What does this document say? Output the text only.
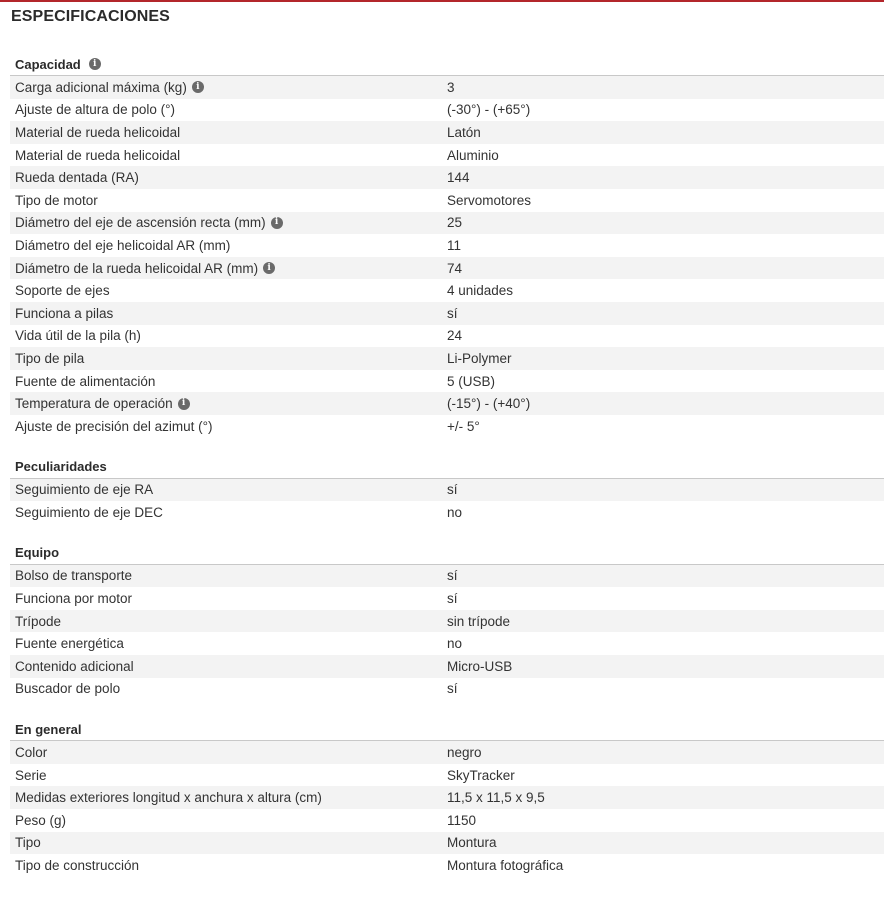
ESPECIFICACIONES
Capacidad	i
Carga adicional máxima (kg)	i	3
Ajuste de altura de polo (°)	(-30°) - (+65°)
Material de rueda helicoidal	Latón
Material de rueda helicoidal	Aluminio
Rueda dentada (RA)	144
Tipo de motor	Servomotores
Diámetro del eje de ascensión recta (mm)	i	25
Diámetro del eje helicoidal AR (mm)	11
Diámetro de la rueda helicoidal AR (mm)	i	74
Soporte de ejes	4 unidades
Funciona a pilas	sí
Vida útil de la pila (h)	24
Tipo de pila	Li-Polymer
Fuente de alimentación	5 (USB)
Temperatura de operación	i	(-15°) - (+40°)
Ajuste de precisión del azimut (°)	+/- 5°
Peculiaridades
Seguimiento de eje RA	sí
Seguimiento de eje DEC	no
Equipo
Bolso de transporte	sí
Funciona por motor	sí
Trípode	sin trípode
Fuente energética	no
Contenido adicional	Micro-USB
Buscador de polo	sí
En general
Color	negro
Serie	SkyTracker
Medidas exteriores longitud x anchura x altura (cm)	11,5 x 11,5 x 9,5
Peso (g)	1150
Tipo	Montura
Tipo de construcción	Montura fotográfica
